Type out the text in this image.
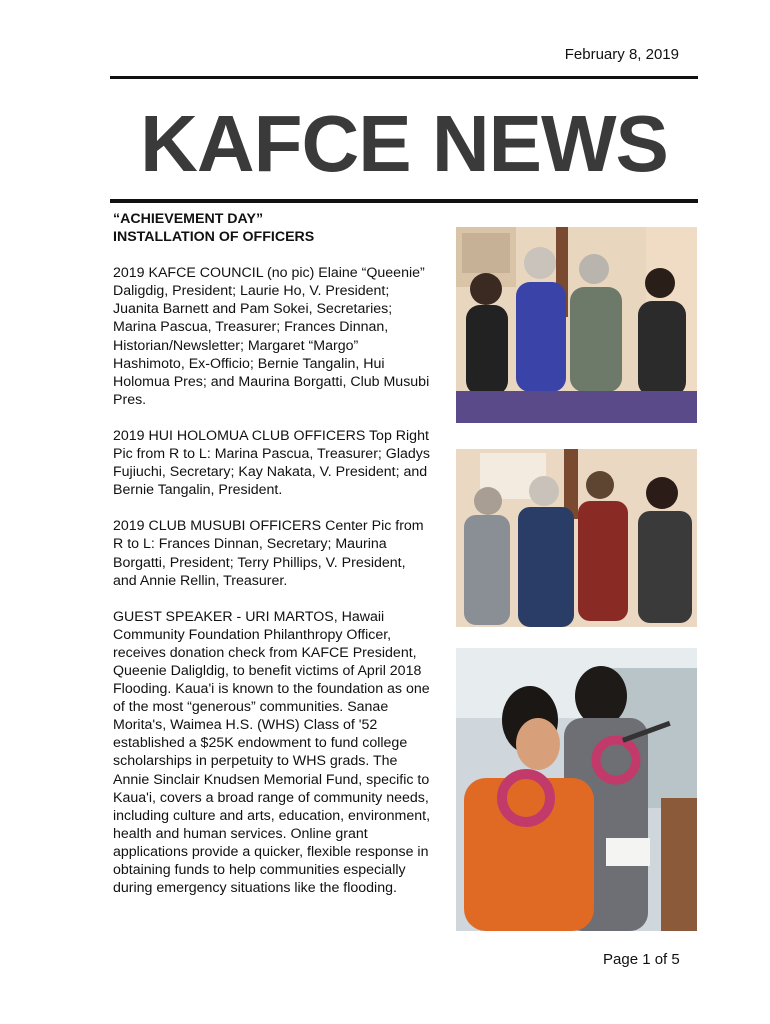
February 8, 2019
KAFCE NEWS
“ACHIEVEMENT DAY”
INSTALLATION OF OFFICERS

2019 KAFCE COUNCIL (no pic) Elaine “Queenie” Daligdig, President; Laurie Ho, V. President; Juanita Barnett and Pam Sokei, Secretaries; Marina Pascua, Treasurer; Frances Dinnan, Historian/Newsletter; Margaret “Margo” Hashimoto, Ex-Officio; Bernie Tangalin, Hui Holomua Pres; and Maurina Borgatti, Club Musubi Pres.

2019 HUI HOLOMUA CLUB OFFICERS Top Right Pic from R to L: Marina Pascua, Treasurer; Gladys Fujiuchi, Secretary; Kay Nakata, V. President; and Bernie Tangalin, President.

2019 CLUB MUSUBI OFFICERS Center Pic from R to L: Frances Dinnan, Secretary; Maurina Borgatti, President; Terry Phillips, V. President, and Annie Rellin, Treasurer.

GUEST SPEAKER - URI MARTOS, Hawaii Community Foundation Philanthropy Officer, receives donation check from KAFCE President, Queenie Daligldig, to benefit victims of April 2018 Flooding. Kaua'i is known to the foundation as one of the most “generous” communities. Sanae Morita's, Waimea H.S. (WHS) Class of '52 established a $25K endowment to fund college scholarships in perpetuity to WHS grads. The Annie Sinclair Knudsen Memorial Fund, specific to Kaua'i, covers a broad range of community needs, including culture and arts, education, environment, health and human services. Online grant applications provide a quicker, flexible response in obtaining funds to help communities especially during emergency situations like the flooding.

Page 1 of 5
